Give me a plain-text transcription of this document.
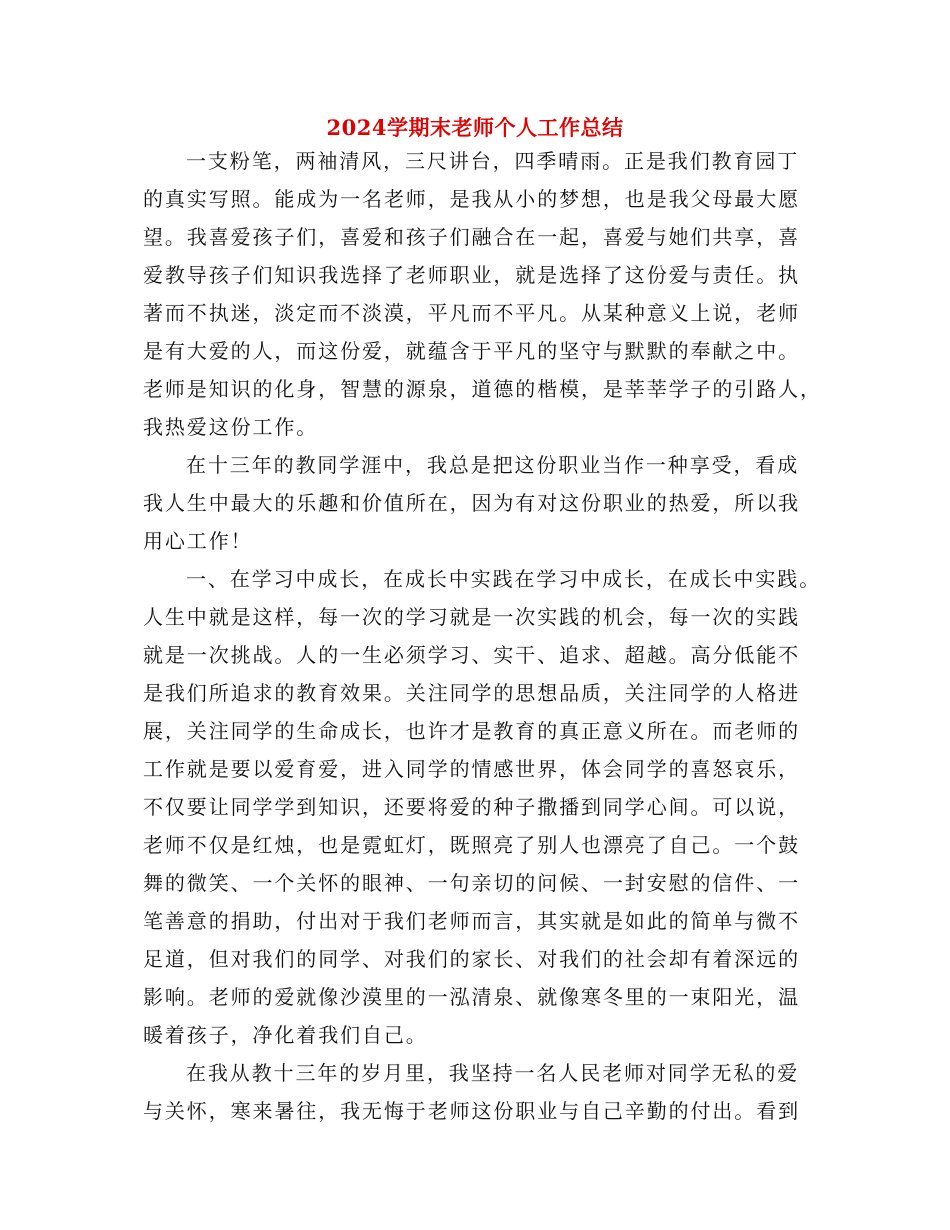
2024学期末老师个人工作总结
一支粉笔，两袖清风，三尺讲台，四季晴雨。正是我们教育园丁
的真实写照。能成为一名老师，是我从小的梦想，也是我父母最大愿
望。我喜爱孩子们，喜爱和孩子们融合在一起，喜爱与她们共享，喜
爱教导孩子们知识我选择了老师职业，就是选择了这份爱与责任。执
著而不执迷，淡定而不淡漠，平凡而不平凡。从某种意义上说，老师
是有大爱的人，而这份爱，就蕴含于平凡的坚守与默默的奉献之中。
老师是知识的化身，智慧的源泉，道德的楷模，是莘莘学子的引路人，
我热爱这份工作。
在十三年的教同学涯中，我总是把这份职业当作一种享受，看成
我人生中最大的乐趣和价值所在，因为有对这份职业的热爱，所以我
用心工作！
一、在学习中成长，在成长中实践在学习中成长，在成长中实践。
人生中就是这样，每一次的学习就是一次实践的机会，每一次的实践
就是一次挑战。人的一生必须学习、实干、追求、超越。高分低能不
是我们所追求的教育效果。关注同学的思想品质，关注同学的人格进
展，关注同学的生命成长，也许才是教育的真正意义所在。而老师的
工作就是要以爱育爱，进入同学的情感世界，体会同学的喜怒哀乐，
不仅要让同学学到知识，还要将爱的种子撒播到同学心间。可以说，
老师不仅是红烛，也是霓虹灯，既照亮了别人也漂亮了自己。一个鼓
舞的微笑、一个关怀的眼神、一句亲切的问候、一封安慰的信件、一
笔善意的捐助，付出对于我们老师而言，其实就是如此的简单与微不
足道，但对我们的同学、对我们的家长、对我们的社会却有着深远的
影响。老师的爱就像沙漠里的一泓清泉、就像寒冬里的一束阳光，温
暖着孩子，净化着我们自己。
在我从教十三年的岁月里，我坚持一名人民老师对同学无私的爱
与关怀，寒来暑往，我无悔于老师这份职业与自己辛勤的付出。看到
